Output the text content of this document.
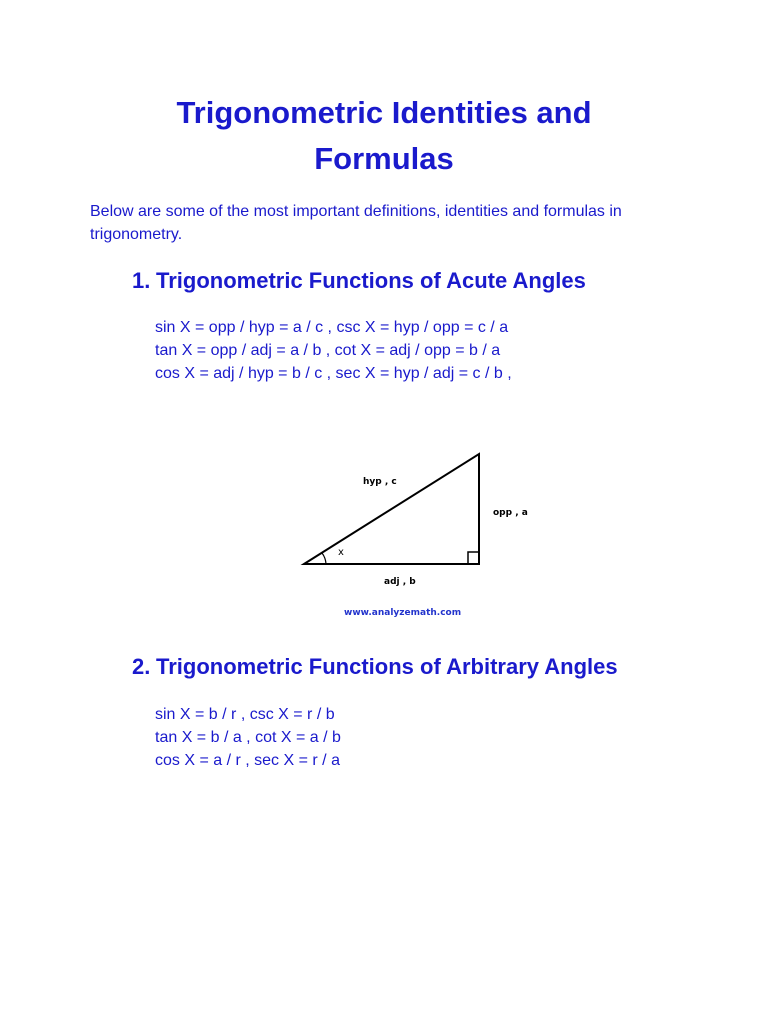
Trigonometric Identities and
Formulas

Below are some of the most important definitions, identities and formulas in trigonometry.

1. Trigonometric Functions of Acute Angles
sin X = opp / hyp = a / c , csc X = hyp / opp = c / a
tan X = opp / adj = a / b , cot X = adj / opp = b / a
cos X = adj / hyp = b / c , sec X = hyp / adj = c / b ,
x
hyp , c
opp , a
adj , b
www.analyzemath.com
2. Trigonometric Functions of Arbitrary Angles
sin X = b / r , csc X = r / b
tan X = b / a , cot X = a / b
cos X = a / r , sec X = r / a
